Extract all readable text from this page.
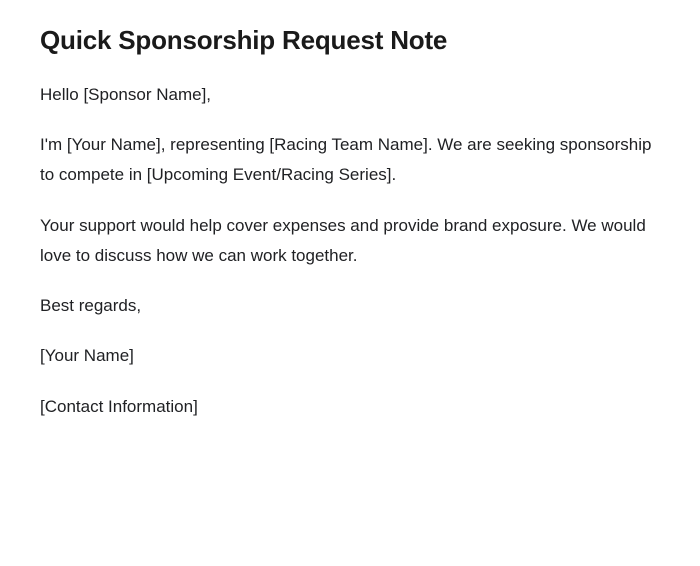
Quick Sponsorship Request Note

Hello [Sponsor Name],

I'm [Your Name], representing [Racing Team Name]. We are seeking sponsorship to compete in [Upcoming Event/Racing Series].

Your support would help cover expenses and provide brand exposure. We would love to discuss how we can work together.

Best regards,

[Your Name]

[Contact Information]
